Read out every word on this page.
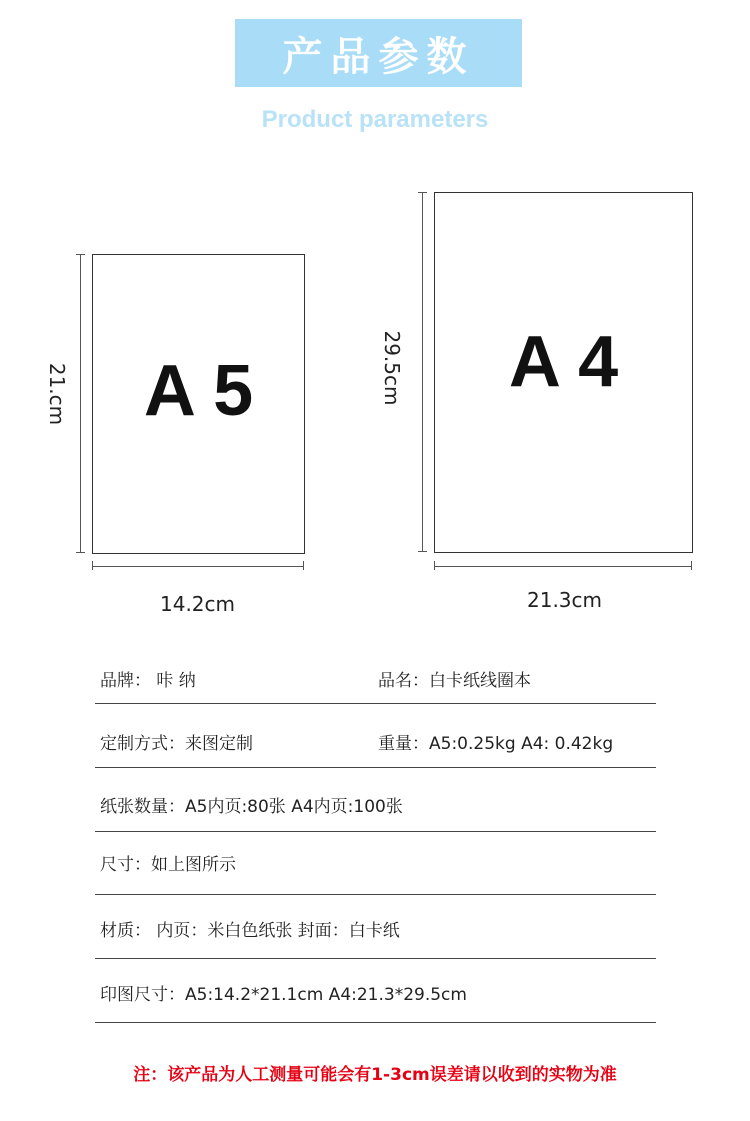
产品参数
Product parameters
A 5
21.cm
14.2cm
A 4
29.5cm
21.3cm
品牌： 咔 纳	品名：白卡纸线圈本
定制方式：来图定制	重量：A5:0.25kg A4: 0.42kg
纸张数量：A5内页:80张 A4内页:100张
尺寸：如上图所示
材质： 内页：米白色纸张 封面：白卡纸
印图尺寸：A5:14.2*21.1cm A4:21.3*29.5cm
注：该产品为人工测量可能会有1-3cm误差请以收到的实物为准
